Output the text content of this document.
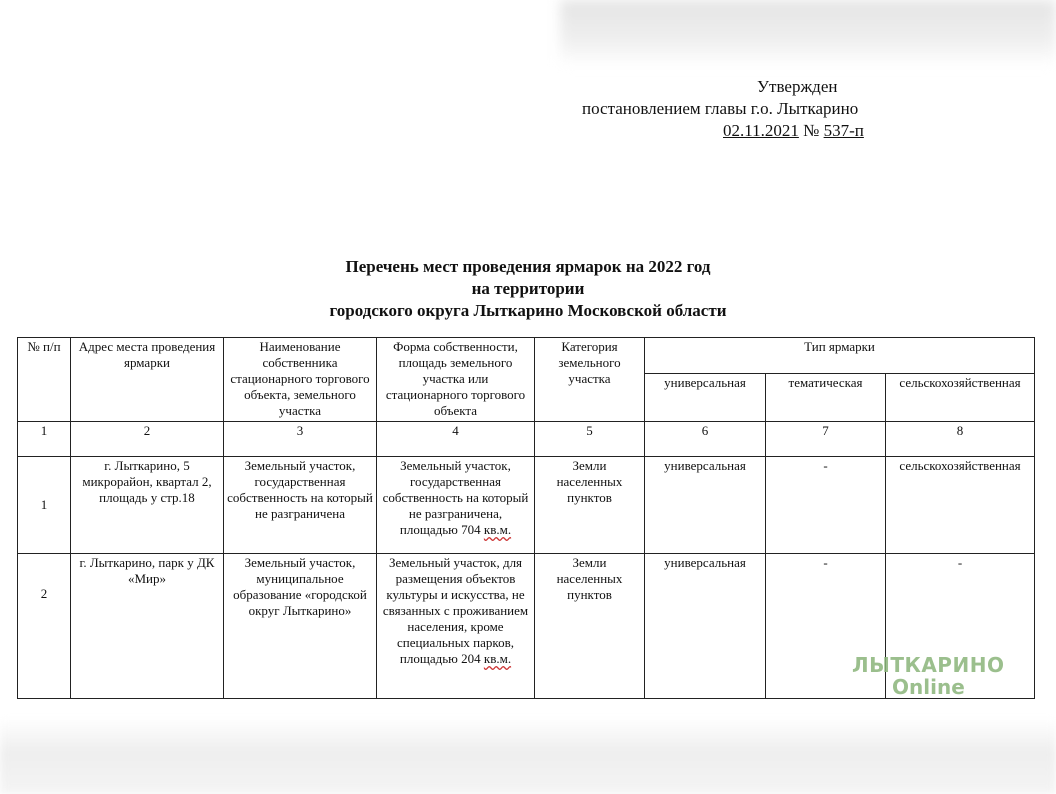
Утвержден
постановлением главы г.о. Лыткарино
02.11.2021 № 537-п
Перечень мест проведения ярмарок на 2022 год
на территории
городского округа Лыткарино Московской области
№ п/п	Адрес места проведения ярмарки	Наименование собственника стационарного торгового объекта, земельного участка	Форма собственности, площадь земельного участка или стационарного торгового объекта	Категория земельного участка	Тип ярмарки		
					универсальная	тематическая	сельскохозяйственная
1	2	3	4	5	6	7	8
1	г. Лыткарино, 5 микрорайон, квартал 2, площадь у стр.18	Земельный участок, государственная собственность на который не разграничена	Земельный участок, государственная собственность на который не разграничена, площадью 704 кв.м.	Земли населенных пунктов	универсальная	-	сельскохозяйственная
2	г. Лыткарино, парк у ДК «Мир»	Земельный участок, муниципальное образование «городской округ Лыткарино»	Земельный участок, для размещения объектов культуры и искусства, не связанных с проживанием населения, кроме специальных парков, площадью 204 кв.м.	Земли населенных пунктов	универсальная	-	-
ЛЫТКАРИНО
Online
